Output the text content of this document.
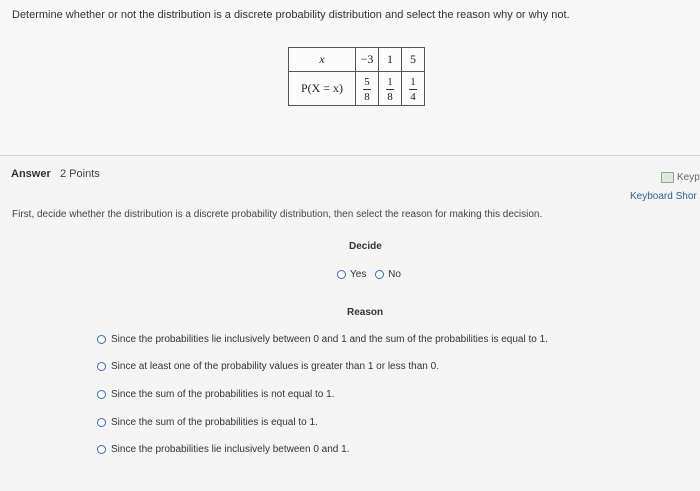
Determine whether or not the distribution is a discrete probability distribution and select the reason why or why not.
x	−3	1	5
P(X = x)	$\frac{5}{8}$	$\frac{1}{8}$	$\frac{1}{4}$
Answer 2 Points	Keyp
Keyboard Shor
First, decide whether the distribution is a discrete probability distribution, then select the reason for making this decision.
Decide
Yes
No
Reason
Since the probabilities lie inclusively between 0 and 1 and the sum of the probabilities is equal to 1.
Since at least one of the probability values is greater than 1 or less than 0.
Since the sum of the probabilities is not equal to 1.
Since the sum of the probabilities is equal to 1.
Since the probabilities lie inclusively between 0 and 1.
